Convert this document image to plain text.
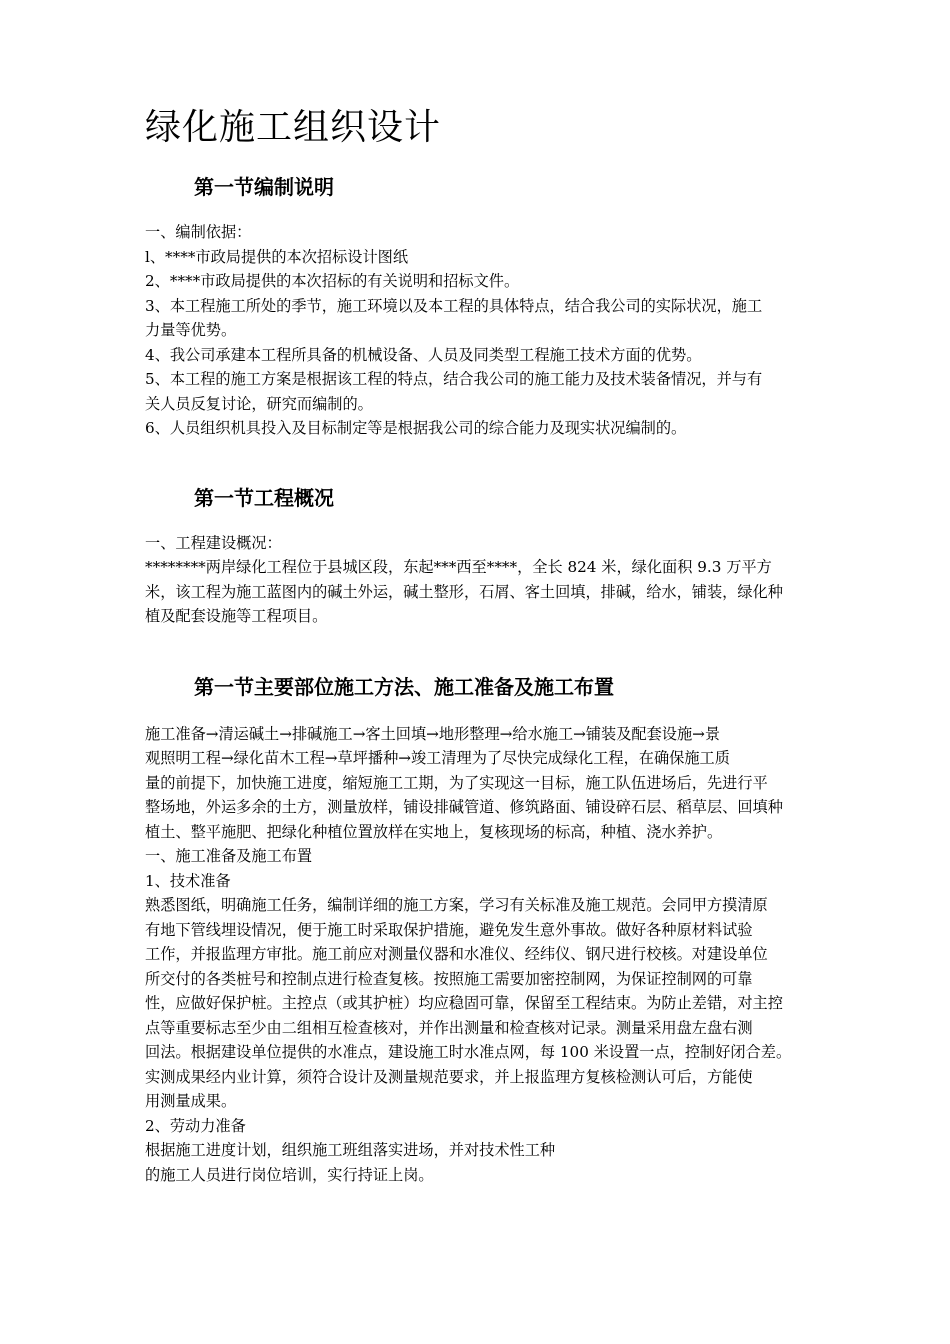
绿化施工组织设计
第一节编制说明

一、编制依据：

l、****市政局提供的本次招标设计图纸

2、****市政局提供的本次招标的有关说明和招标文件。

3、本工程施工所处的季节，施工环境以及本工程的具体特点，结合我公司的实际状况，施工

力量等优势。

4、我公司承建本工程所具备的机械设备、人员及同类型工程施工技术方面的优势。

5、本工程的施工方案是根据该工程的特点，结合我公司的施工能力及技术装备情况，并与有

关人员反复讨论，研究而编制的。

6、人员组织机具投入及目标制定等是根据我公司的综合能力及现实状况编制的。

第一节工程概况

一、工程建设概况：

********两岸绿化工程位于县城区段，东起***西至****，全长 824 米，绿化面积 9.3 万平方

米，该工程为施工蓝图内的碱土外运，碱土整形，石屑、客土回填，排碱，给水，铺装，绿化种

植及配套设施等工程项目。

第一节主要部位施工方法、施工准备及施工布置

施工准备→清运碱土→排碱施工→客土回填→地形整理→给水施工→铺装及配套设施→景

观照明工程→绿化苗木工程→草坪播种→竣工清理为了尽快完成绿化工程，在确保施工质

量的前提下，加快施工进度，缩短施工工期，为了实现这一目标，施工队伍进场后，先进行平

整场地，外运多余的土方，测量放样，铺设排碱管道、修筑路面、铺设碎石层、稻草层、回填种

植土、整平施肥、把绿化种植位置放样在实地上，复核现场的标高，种植、浇水养护。

一、施工准备及施工布置

1、技术准备

熟悉图纸，明确施工任务，编制详细的施工方案，学习有关标准及施工规范。会同甲方摸清原

有地下管线埋设情况，便于施工时采取保护措施，避免发生意外事故。做好各种原材料试验

工作，并报监理方审批。施工前应对测量仪器和水准仪、经纬仪、钢尺进行校核。对建设单位

所交付的各类桩号和控制点进行检查复核。按照施工需要加密控制网，为保证控制网的可靠

性，应做好保护桩。主控点（或其护桩）均应稳固可靠，保留至工程结束。为防止差错，对主控

点等重要标志至少由二组相互检查核对，并作出测量和检查核对记录。测量采用盘左盘右测

回法。根据建设单位提供的水准点，建设施工时水准点网，每 100 米设置一点，控制好闭合差。

实测成果经内业计算，须符合设计及测量规范要求，并上报监理方复核检测认可后，方能使

用测量成果。

2、劳动力准备

根据施工进度计划，组织施工班组落实进场，并对技术性工种

的施工人员进行岗位培训，实行持证上岗。
